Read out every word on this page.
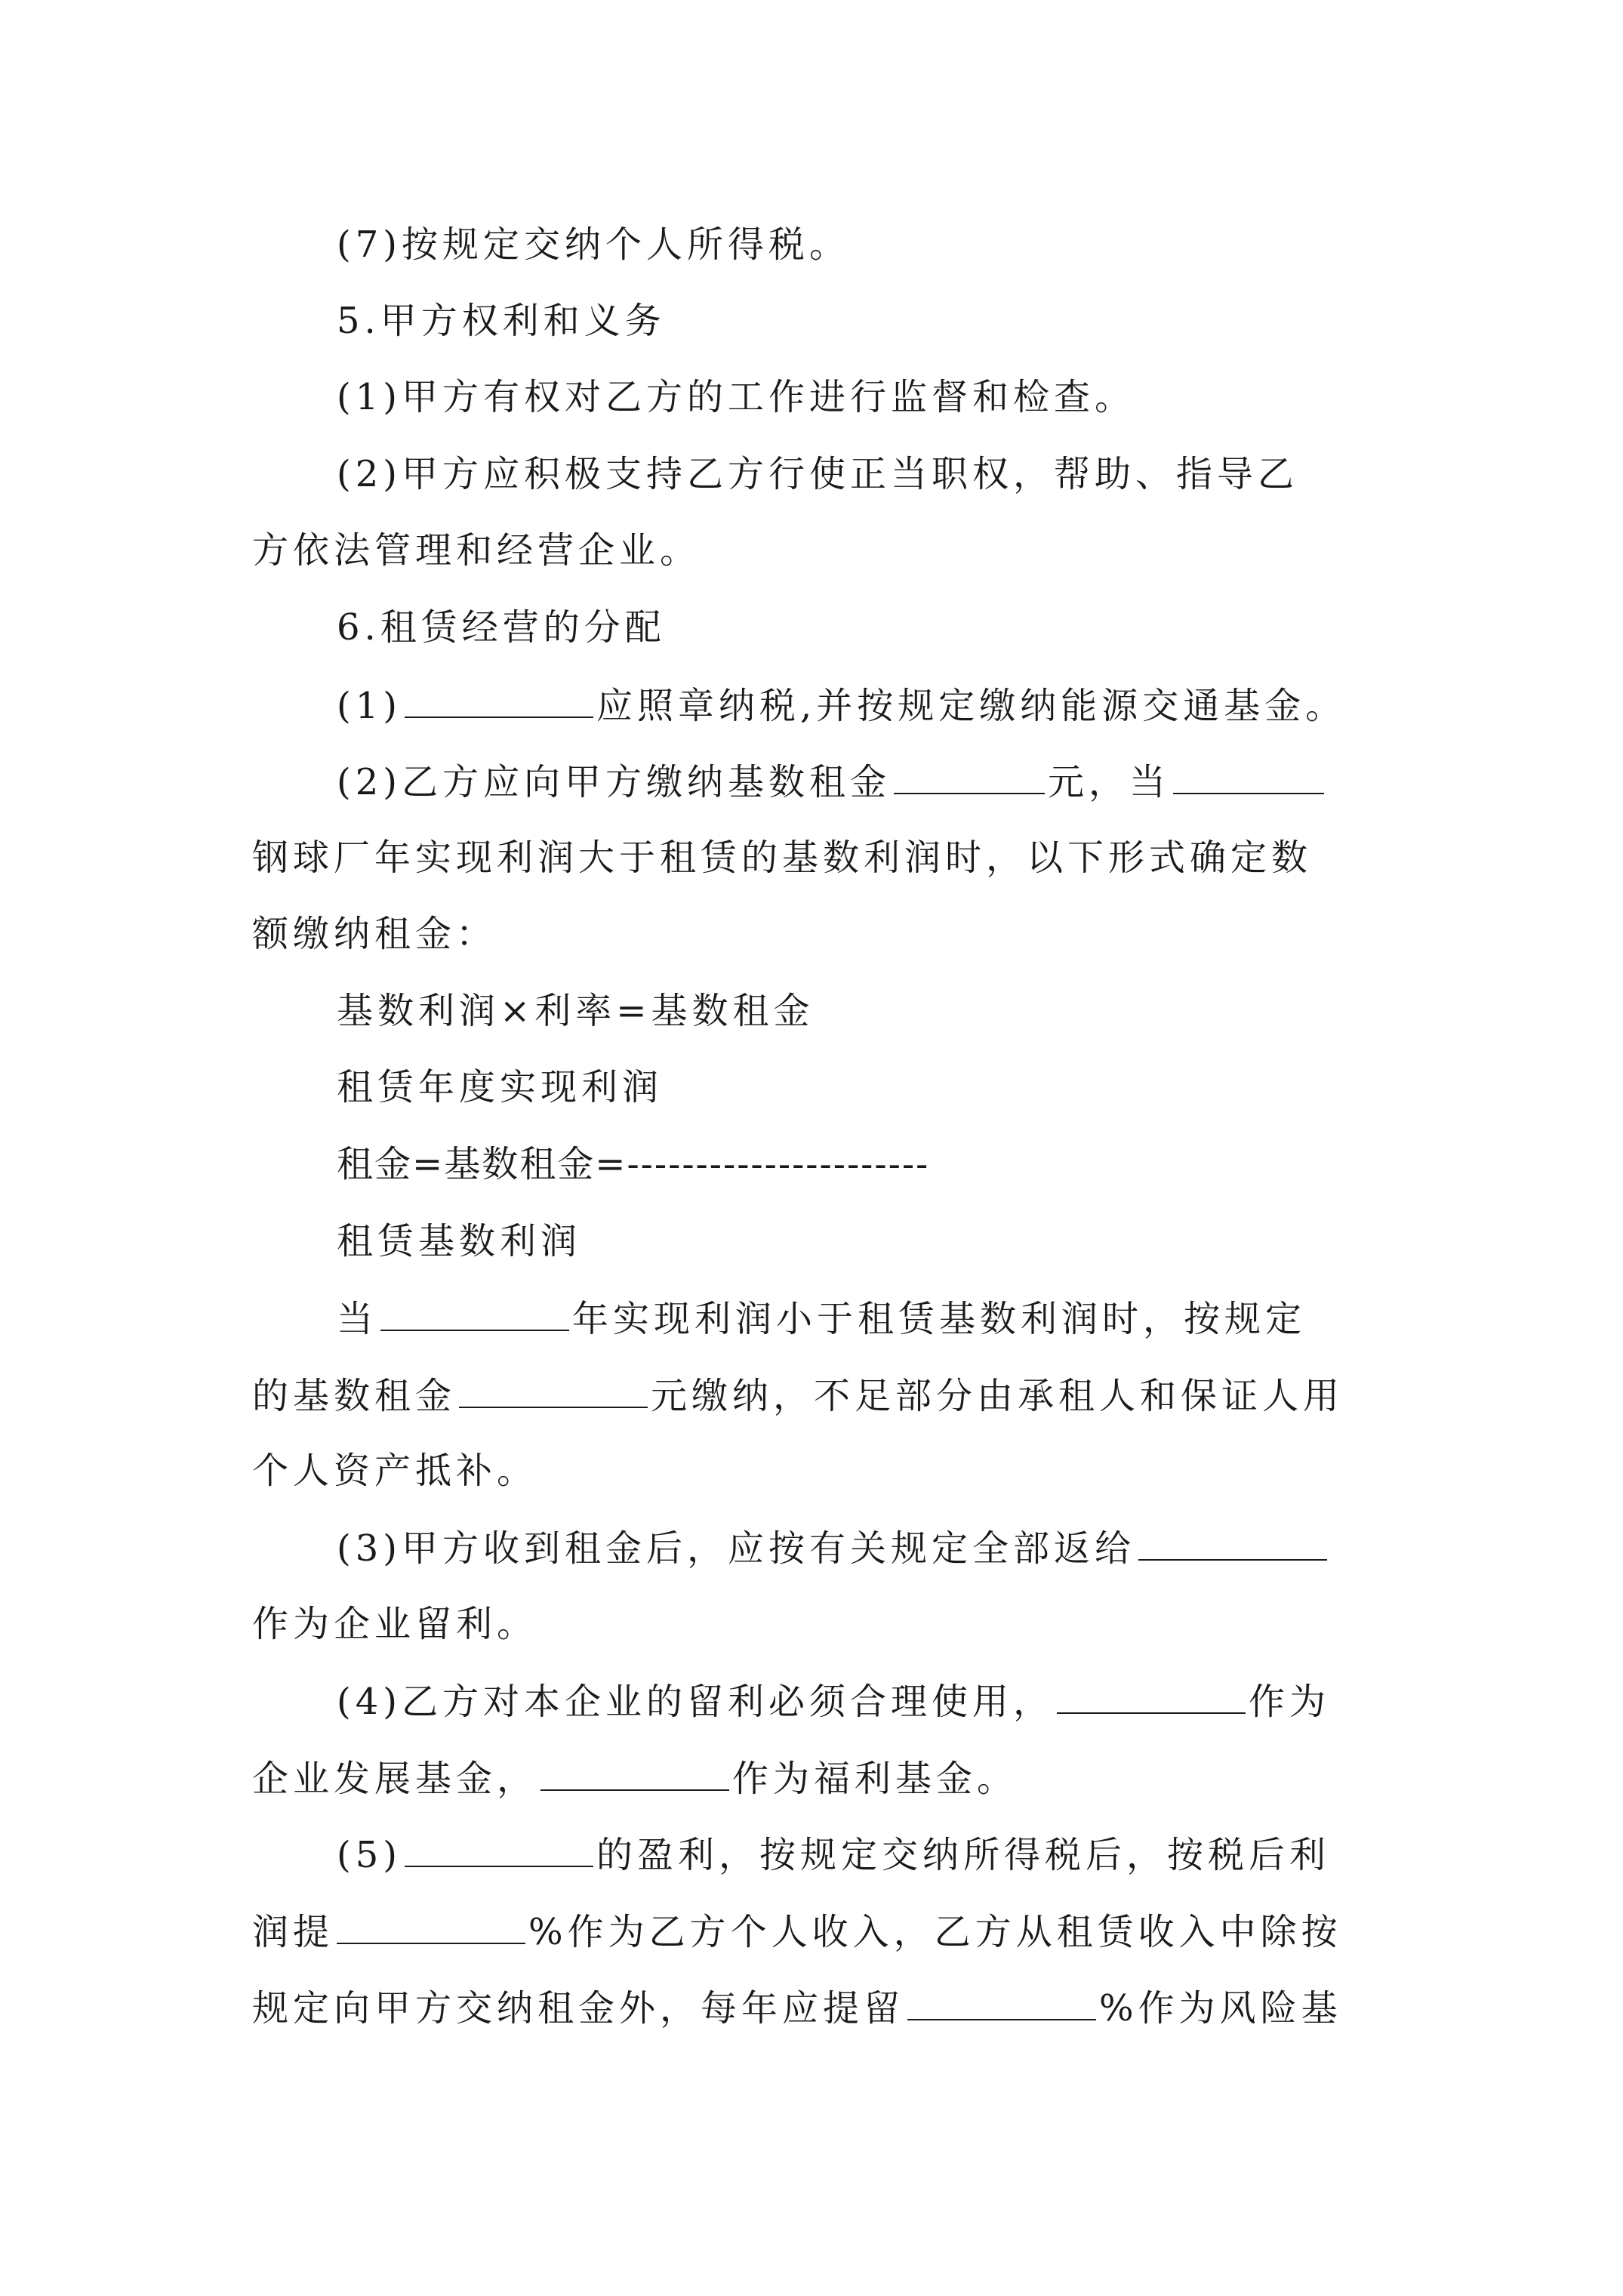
(7)按规定交纳个人所得税。
5.甲方权利和义务
(1)甲方有权对乙方的工作进行监督和检查。
(2)甲方应积极支持乙方行使正当职权，帮助、指导乙
方依法管理和经营企业。
6.租赁经营的分配
(1)	应照章纳税,并按规定缴纳能源交通基金。
(2)乙方应向甲方缴纳基数租金	元，当
钢球厂年实现利润大于租赁的基数利润时，以下形式确定数
额缴纳租金：
基数利润×利率=基数租金
租赁年度实现利润
租金=基数租金=----------------------
租赁基数利润
当	年实现利润小于租赁基数利润时，按规定
的基数租金	元缴纳，不足部分由承租人和保证人用
个人资产抵补。
(3)甲方收到租金后，应按有关规定全部返给
作为企业留利。
(4)乙方对本企业的留利必须合理使用，	作为
企业发展基金，	作为福利基金。
(5)	的盈利，按规定交纳所得税后，按税后利
润提	%作为乙方个人收入，乙方从租赁收入中除按
规定向甲方交纳租金外，每年应提留	%作为风险基
